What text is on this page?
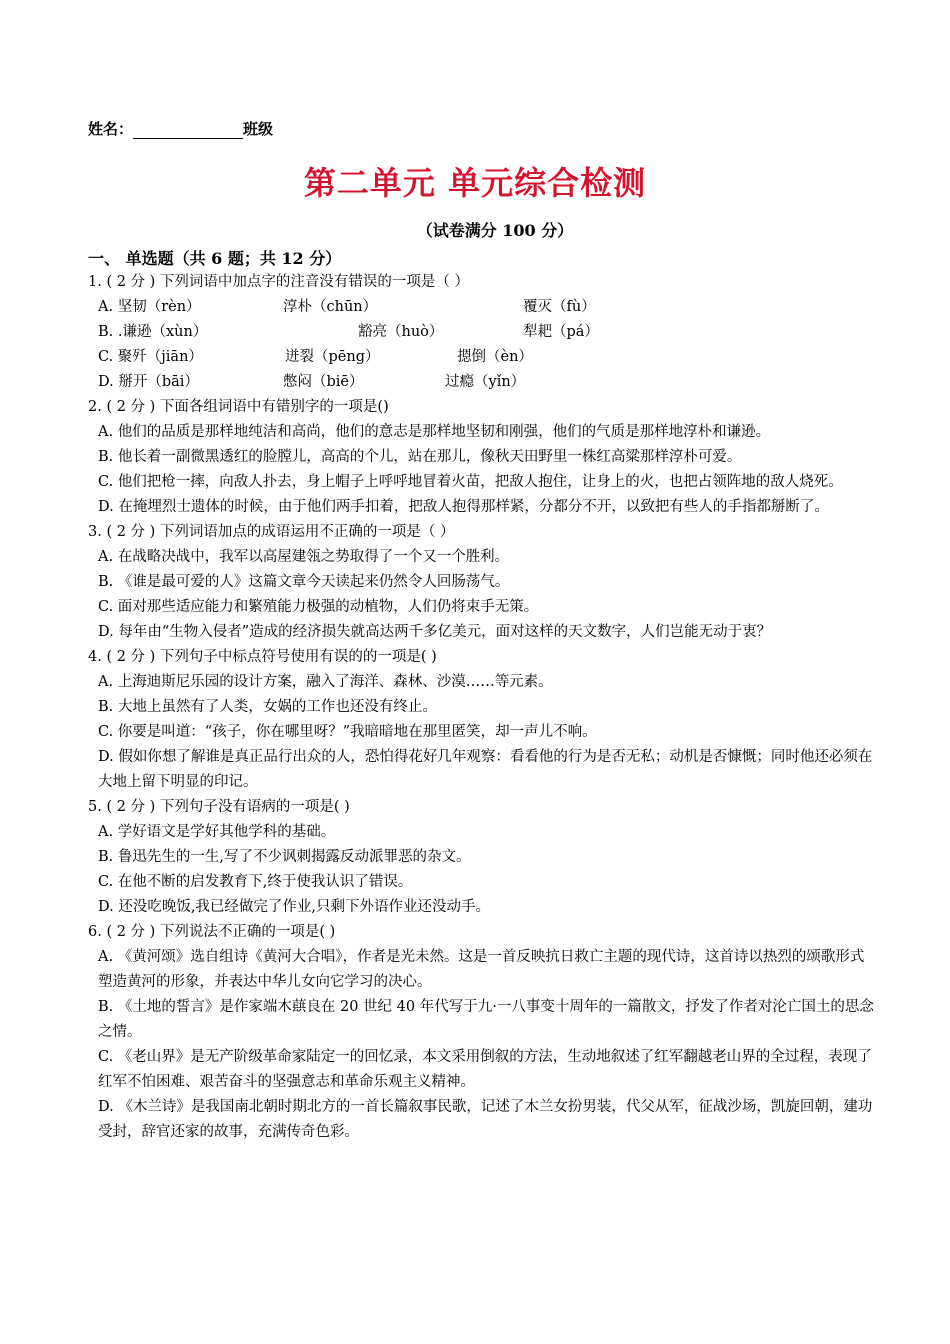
姓名：	班级
第二单元 单元综合检测
（试卷满分 100 分）
一、 单选题（共 6 题；共 12 分）

1. ( 2 分 ) 下列词语中加点字的注音没有错误的一项是（ ）

A. 坚韧（rèn）	淳朴（chūn）	覆灭（fù）
B. .谦逊（xùn）	豁亮（huò）	犁耙（pá）
C. 聚歼（jiān）	迸裂（pēng）	摁倒（èn）
D. 掰开（bāi）	憋闷（biē）	过瘾（yǐn）

2. ( 2 分 ) 下面各组词语中有错别字的一项是()

A. 他们的品质是那样地纯洁和高尚，他们的意志是那样地坚韧和刚强，他们的气质是那样地淳朴和谦逊。

B. 他长着一副微黑透红的脸膛儿，高高的个儿，站在那儿，像秋天田野里一株红高粱那样淳朴可爱。

C. 他们把枪一摔，向敌人扑去，身上帽子上呼呼地冒着火苗，把敌人抱住，让身上的火，也把占领阵地的敌人烧死。

D. 在掩埋烈士遗体的时候，由于他们两手扣着，把敌人抱得那样紧，分都分不开，以致把有些人的手指都掰断了。

3. ( 2 分 ) 下列词语加点的成语运用不正确的一项是（ ）

A. 在战略决战中，我军以高屋建瓴之势取得了一个又一个胜利。

B. 《谁是最可爱的人》这篇文章今天读起来仍然令人回肠荡气。

C. 面对那些适应能力和繁殖能力极强的动植物，人们仍将束手无策。

D. 每年由“生物入侵者”造成的经济损失就高达两千多亿美元，面对这样的天文数字，人们岂能无动于衷？

4. ( 2 分 ) 下列句子中标点符号使用有误的的一项是( )

A. 上海迪斯尼乐园的设计方案，融入了海洋、森林、沙漠……等元素。

B. 大地上虽然有了人类，女娲的工作也还没有终止。

C. 你要是叫道：“孩子，你在哪里呀？”我暗暗地在那里匿笑，却一声儿不响。

D. 假如你想了解谁是真正品行出众的人，恐怕得花好几年观察：看看他的行为是否无私；动机是否慷慨；同时他还必须在大地上留下明显的印记。

5. ( 2 分 ) 下列句子没有语病的一项是( )

A. 学好语文是学好其他学科的基础。

B. 鲁迅先生的一生,写了不少讽刺揭露反动派罪恶的杂文。

C. 在他不断的启发教育下,终于使我认识了错误。

D. 还没吃晚饭,我已经做完了作业,只剩下外语作业还没动手。

6. ( 2 分 ) 下列说法不正确的一项是( )

A. 《黄河颂》选自组诗《黄河大合唱》，作者是光未然。这是一首反映抗日救亡主题的现代诗，这首诗以热烈的颂歌形式塑造黄河的形象，并表达中华儿女向它学习的决心。

B. 《土地的誓言》是作家端木蕻良在 20 世纪 40 年代写于九·一八事变十周年的一篇散文，抒发了作者对沦亡国土的思念之情。

C. 《老山界》是无产阶级革命家陆定一的回忆录，本文采用倒叙的方法，生动地叙述了红军翻越老山界的全过程，表现了红军不怕困难、艰苦奋斗的坚强意志和革命乐观主义精神。

D. 《木兰诗》是我国南北朝时期北方的一首长篇叙事民歌，记述了木兰女扮男装，代父从军，征战沙场，凯旋回朝，建功受封，辞官还家的故事，充满传奇色彩。
